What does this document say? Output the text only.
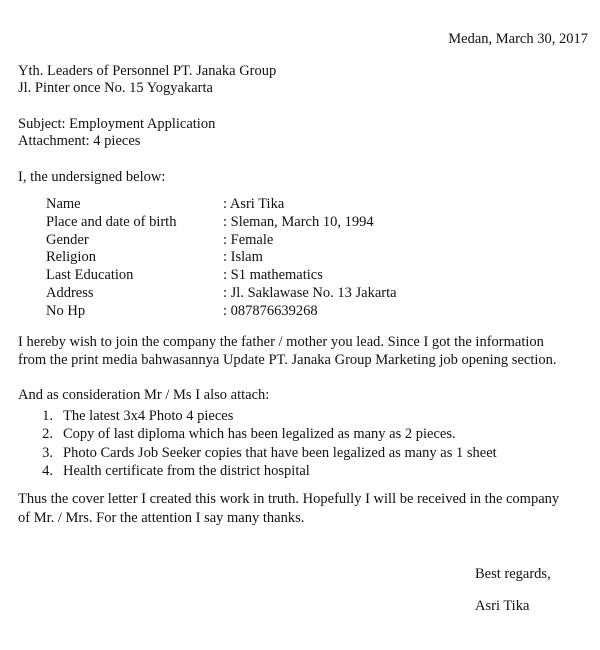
Medan, March 30, 2017
Yth. Leaders of Personnel PT. Janaka Group
Jl. Pinter once No. 15 Yogyakarta
Subject: Employment Application
Attachment: 4 pieces
I, the undersigned below:
Name	: Asri Tika
Place and date of birth	: Sleman, March 10, 1994
Gender	: Female
Religion	: Islam
Last Education	: S1 mathematics
Address	: Jl. Saklawase No. 13 Jakarta
No Hp	: 087876639268
I hereby wish to join the company the father / mother you lead. Since I got the information
from the print media bahwasannya Update PT. Janaka Group Marketing job opening section.
And as consideration Mr / Ms I also attach:
1. The latest 3x4 Photo 4 pieces
2. Copy of last diploma which has been legalized as many as 2 pieces.
3. Photo Cards Job Seeker copies that have been legalized as many as 1 sheet
4. Health certificate from the district hospital
Thus the cover letter I created this work in truth. Hopefully I will be received in the company
of Mr. / Mrs. For the attention I say many thanks.
Best regards,
Asri Tika
